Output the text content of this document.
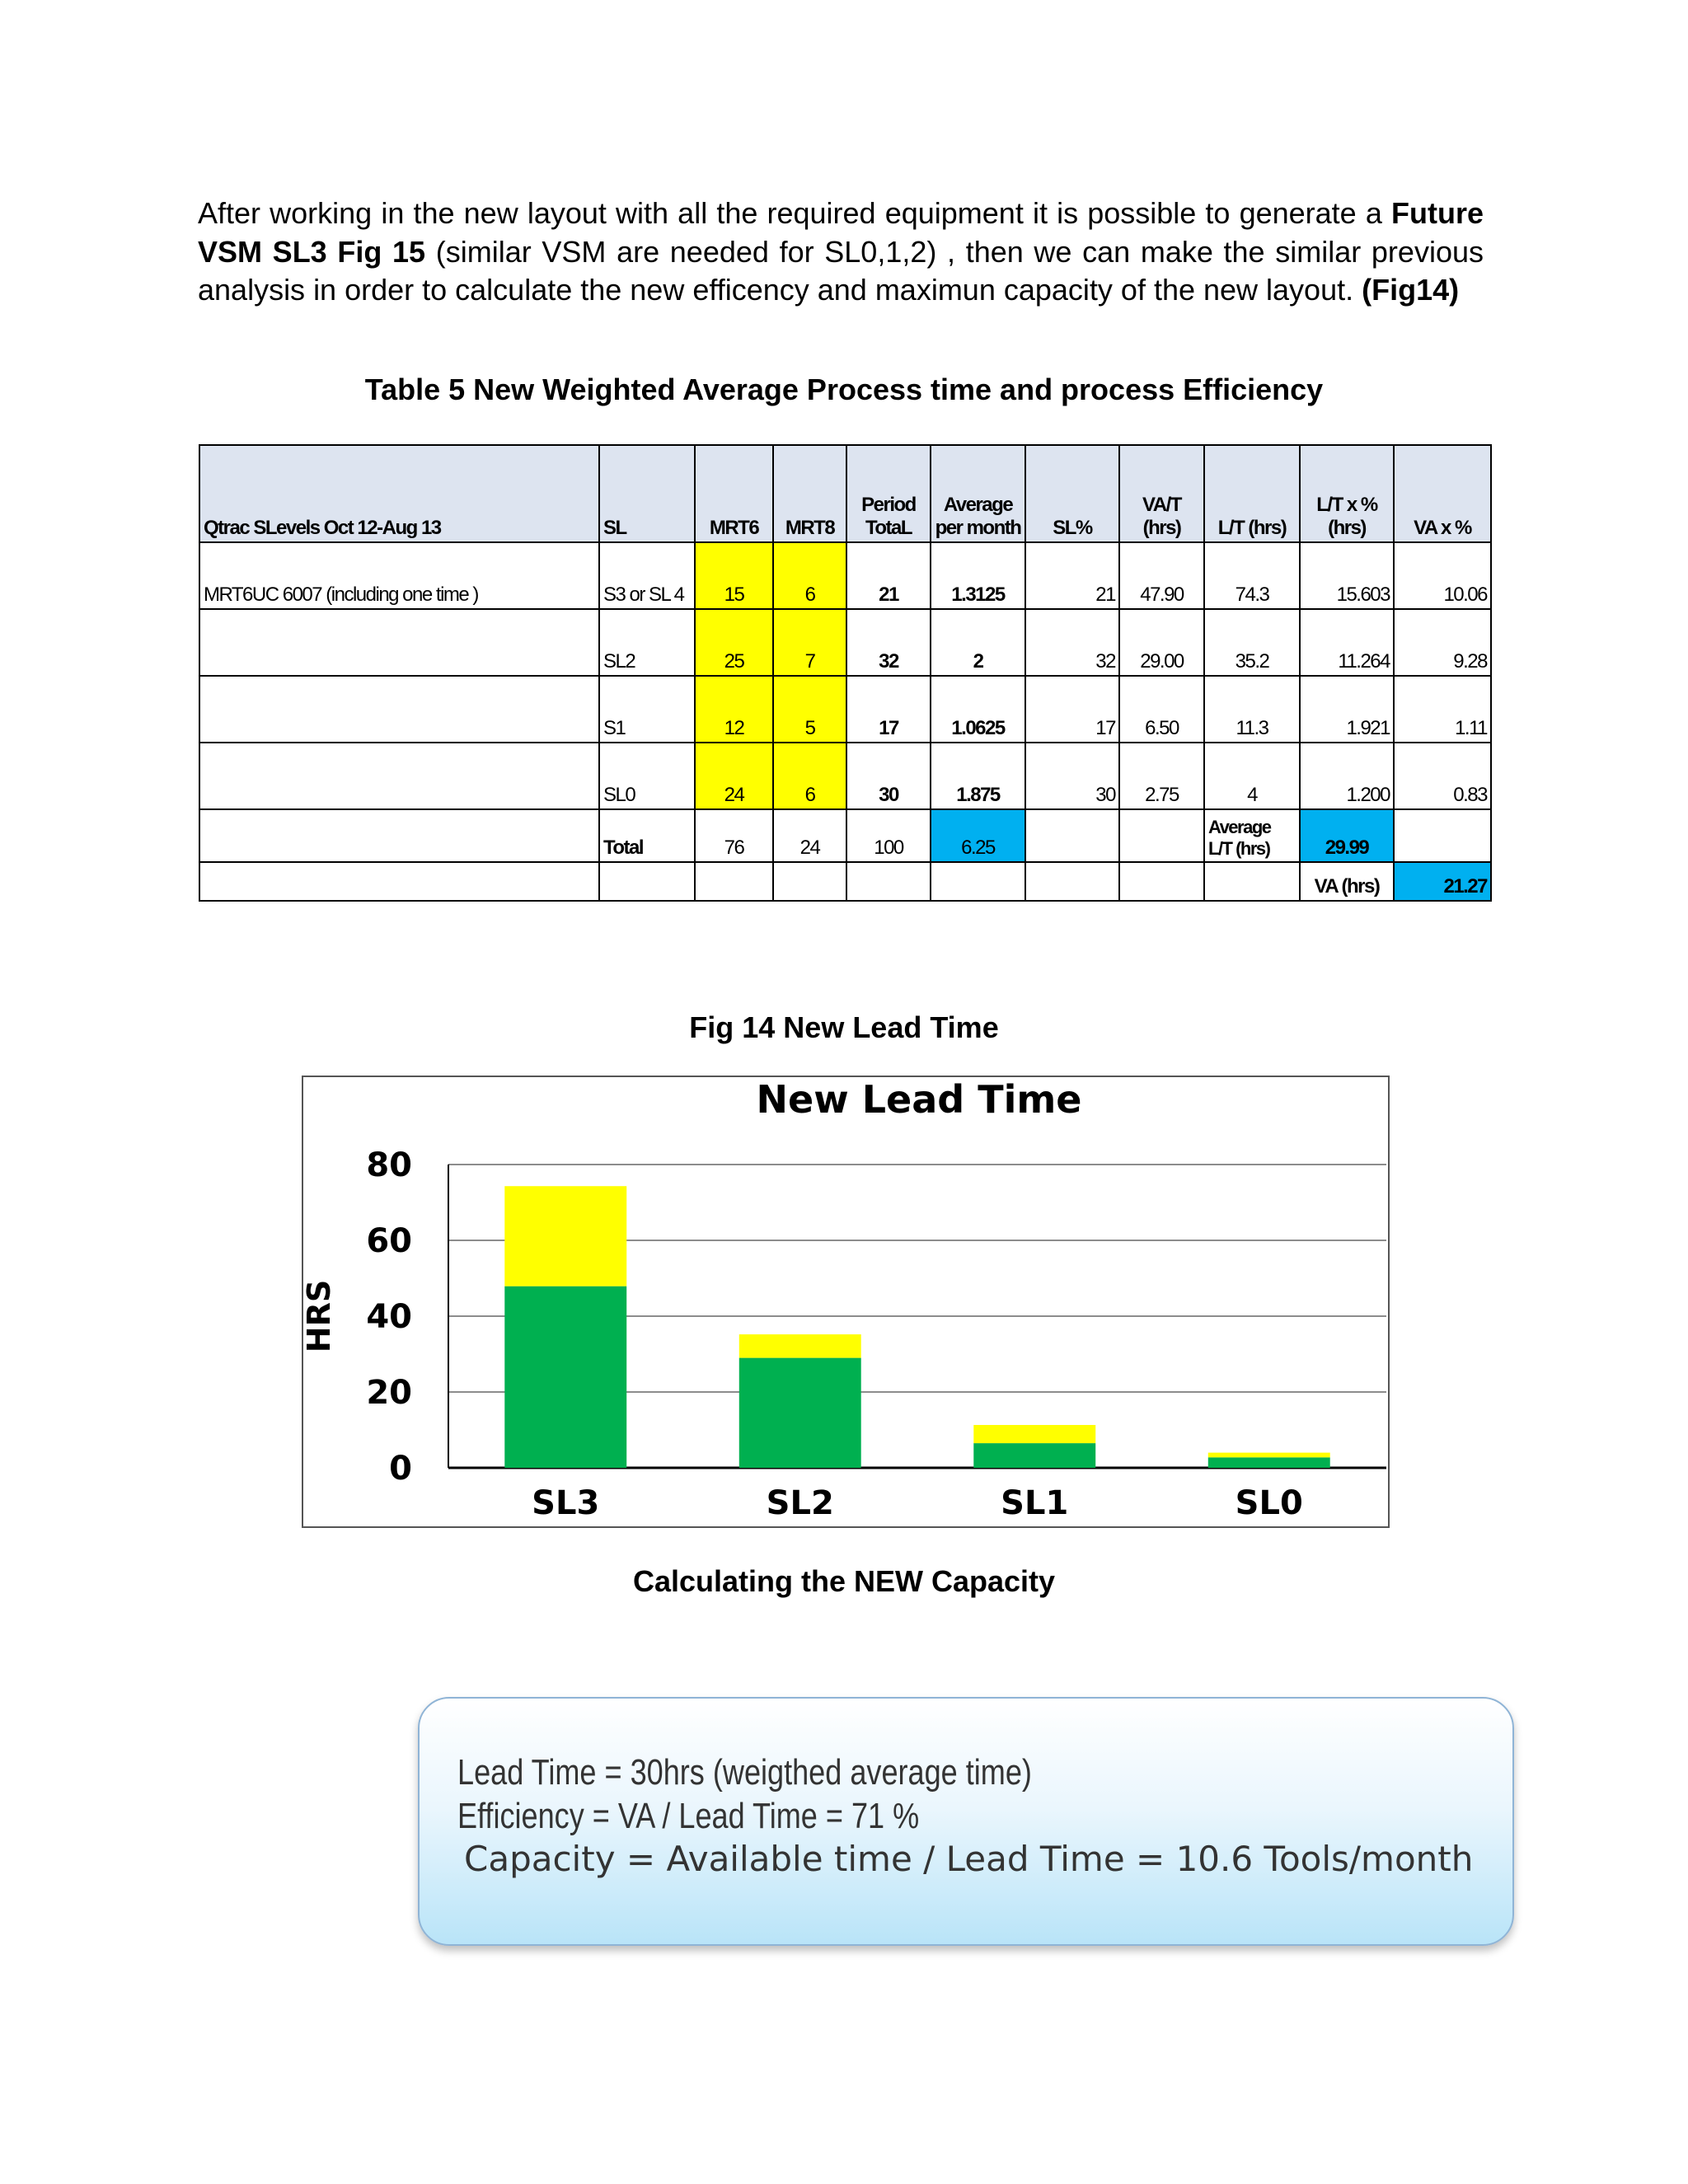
After working in the new layout with all the required equipment it is possible to generate a Future VSM SL3 Fig 15 (similar VSM are needed for SL0,1,2) , then we can make the similar previous analysis in order to calculate the new efficency and maximun capacity of the new layout. (Fig14)
Table 5 New Weighted Average Process time and process Efficiency
Qtrac SLevels Oct 12-Aug 13	SL	MRT6	MRT8	Period TotaL	Average per month	SL%	VA/T (hrs)	L/T (hrs)	L/T x % (hrs)	VA x %
MRT6UC 6007 (including one time )	S3 or SL 4	15	6	21	1.3125	21	47.90	74.3	15.603	10.06
	SL2	25	7	32	2	32	29.00	35.2	11.264	9.28
	S1	12	5	17	1.0625	17	6.50	11.3	1.921	1.11
	SL0	24	6	30	1.875	30	2.75	4	1.200	0.83
	Total	76	24	100	6.25			Average L/T (hrs)	29.99	
									VA (hrs)	21.27
Fig 14 New Lead Time
New Lead Time
HRS
0
20
40
60
80
SL3	SL2	SL1	SL0
Calculating the NEW Capacity
Lead Time = 30hrs (weigthed average time)
Efficiency = VA / Lead Time = 71 %
Capacity = Available time / Lead Time = 10.6 Tools/month
